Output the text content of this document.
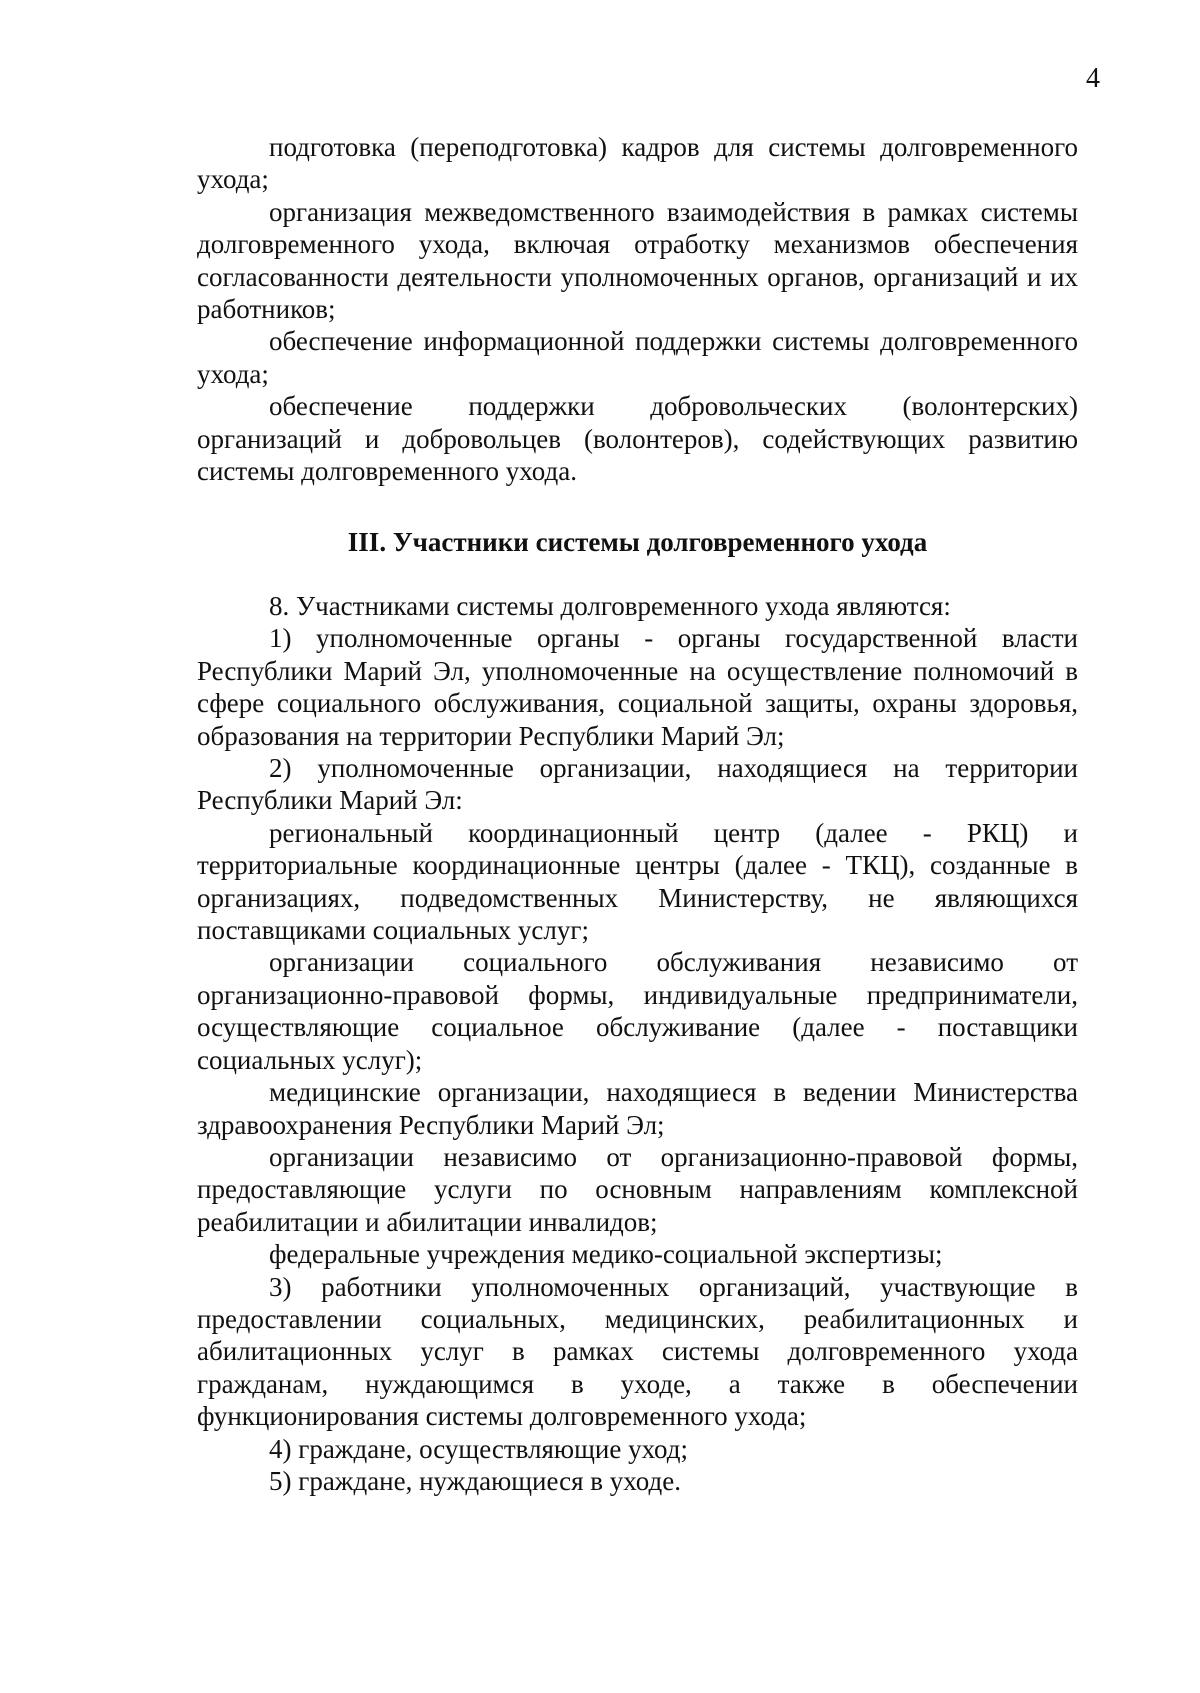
4

подготовка (переподготовка) кадров для системы долговременного ухода;

организация межведомственного взаимодействия в рамках системы долговременного ухода, включая отработку механизмов обеспечения согласованности деятельности уполномоченных органов, организаций и их работников;

обеспечение информационной поддержки системы долговременного ухода;

обеспечение поддержки добровольческих (волонтерских) организаций и добровольцев (волонтеров), содействующих развитию системы долговременного ухода.

III. Участники системы долговременного ухода

8. Участниками системы долговременного ухода являются:

1) уполномоченные органы - органы государственной власти Республики Марий Эл, уполномоченные на осуществление полномочий в сфере социального обслуживания, социальной защиты, охраны здоровья, образования на территории Республики Марий Эл;

2) уполномоченные организации, находящиеся на территории Республики Марий Эл:

региональный координационный центр (далее - РКЦ) и территориальные координационные центры (далее - ТКЦ), созданные в организациях, подведомственных Министерству, не являющихся поставщиками социальных услуг;

организации социального обслуживания независимо от организационно-правовой формы, индивидуальные предприниматели, осуществляющие социальное обслуживание (далее - поставщики социальных услуг);

медицинские организации, находящиеся в ведении Министерства здравоохранения Республики Марий Эл;

организации независимо от организационно-правовой формы, предоставляющие услуги по основным направлениям комплексной реабилитации и абилитации инвалидов;

федеральные учреждения медико-социальной экспертизы;

3) работники уполномоченных организаций, участвующие в предоставлении социальных, медицинских, реабилитационных и абилитационных услуг в рамках системы долговременного ухода гражданам, нуждающимся в уходе, а также в обеспечении функционирования системы долговременного ухода;

4) граждане, осуществляющие уход;

5) граждане, нуждающиеся в уходе.
